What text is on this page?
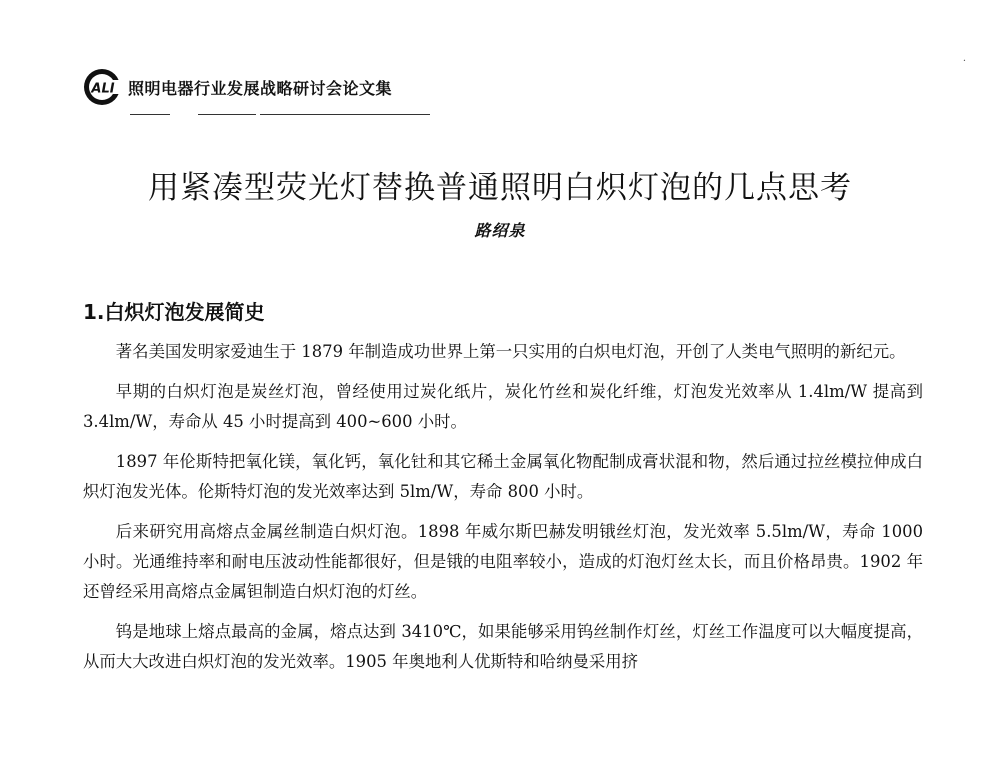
ALI 照明电器行业发展战略研讨会论文集
·
用紧凑型荧光灯替换普通照明白炽灯泡的几点思考
路绍泉
1.白炽灯泡发展简史

著名美国发明家爱迪生于 1879 年制造成功世界上第一只实用的白炽电灯泡，开创了人类电气照明的新纪元。

早期的白炽灯泡是炭丝灯泡，曾经使用过炭化纸片，炭化竹丝和炭化纤维，灯泡发光效率从 1.4lm/W 提高到 3.4lm/W，寿命从 45 小时提高到 400~600 小时。

1897 年伦斯特把氧化镁，氧化钙，氧化钍和其它稀土金属氧化物配制成膏状混和物，然后通过拉丝模拉伸成白炽灯泡发光体。伦斯特灯泡的发光效率达到 5lm/W，寿命 800 小时。

后来研究用高熔点金属丝制造白炽灯泡。1898 年威尔斯巴赫发明锇丝灯泡，发光效率 5.5lm/W，寿命 1000 小时。光通维持率和耐电压波动性能都很好，但是锇的电阻率较小，造成的灯泡灯丝太长，而且价格昂贵。1902 年还曾经采用高熔点金属钽制造白炽灯泡的灯丝。

钨是地球上熔点最高的金属，熔点达到 3410℃，如果能够采用钨丝制作灯丝，灯丝工作温度可以大幅度提高，从而大大改进白炽灯泡的发光效率。1905 年奥地利人优斯特和哈纳曼采用挤
